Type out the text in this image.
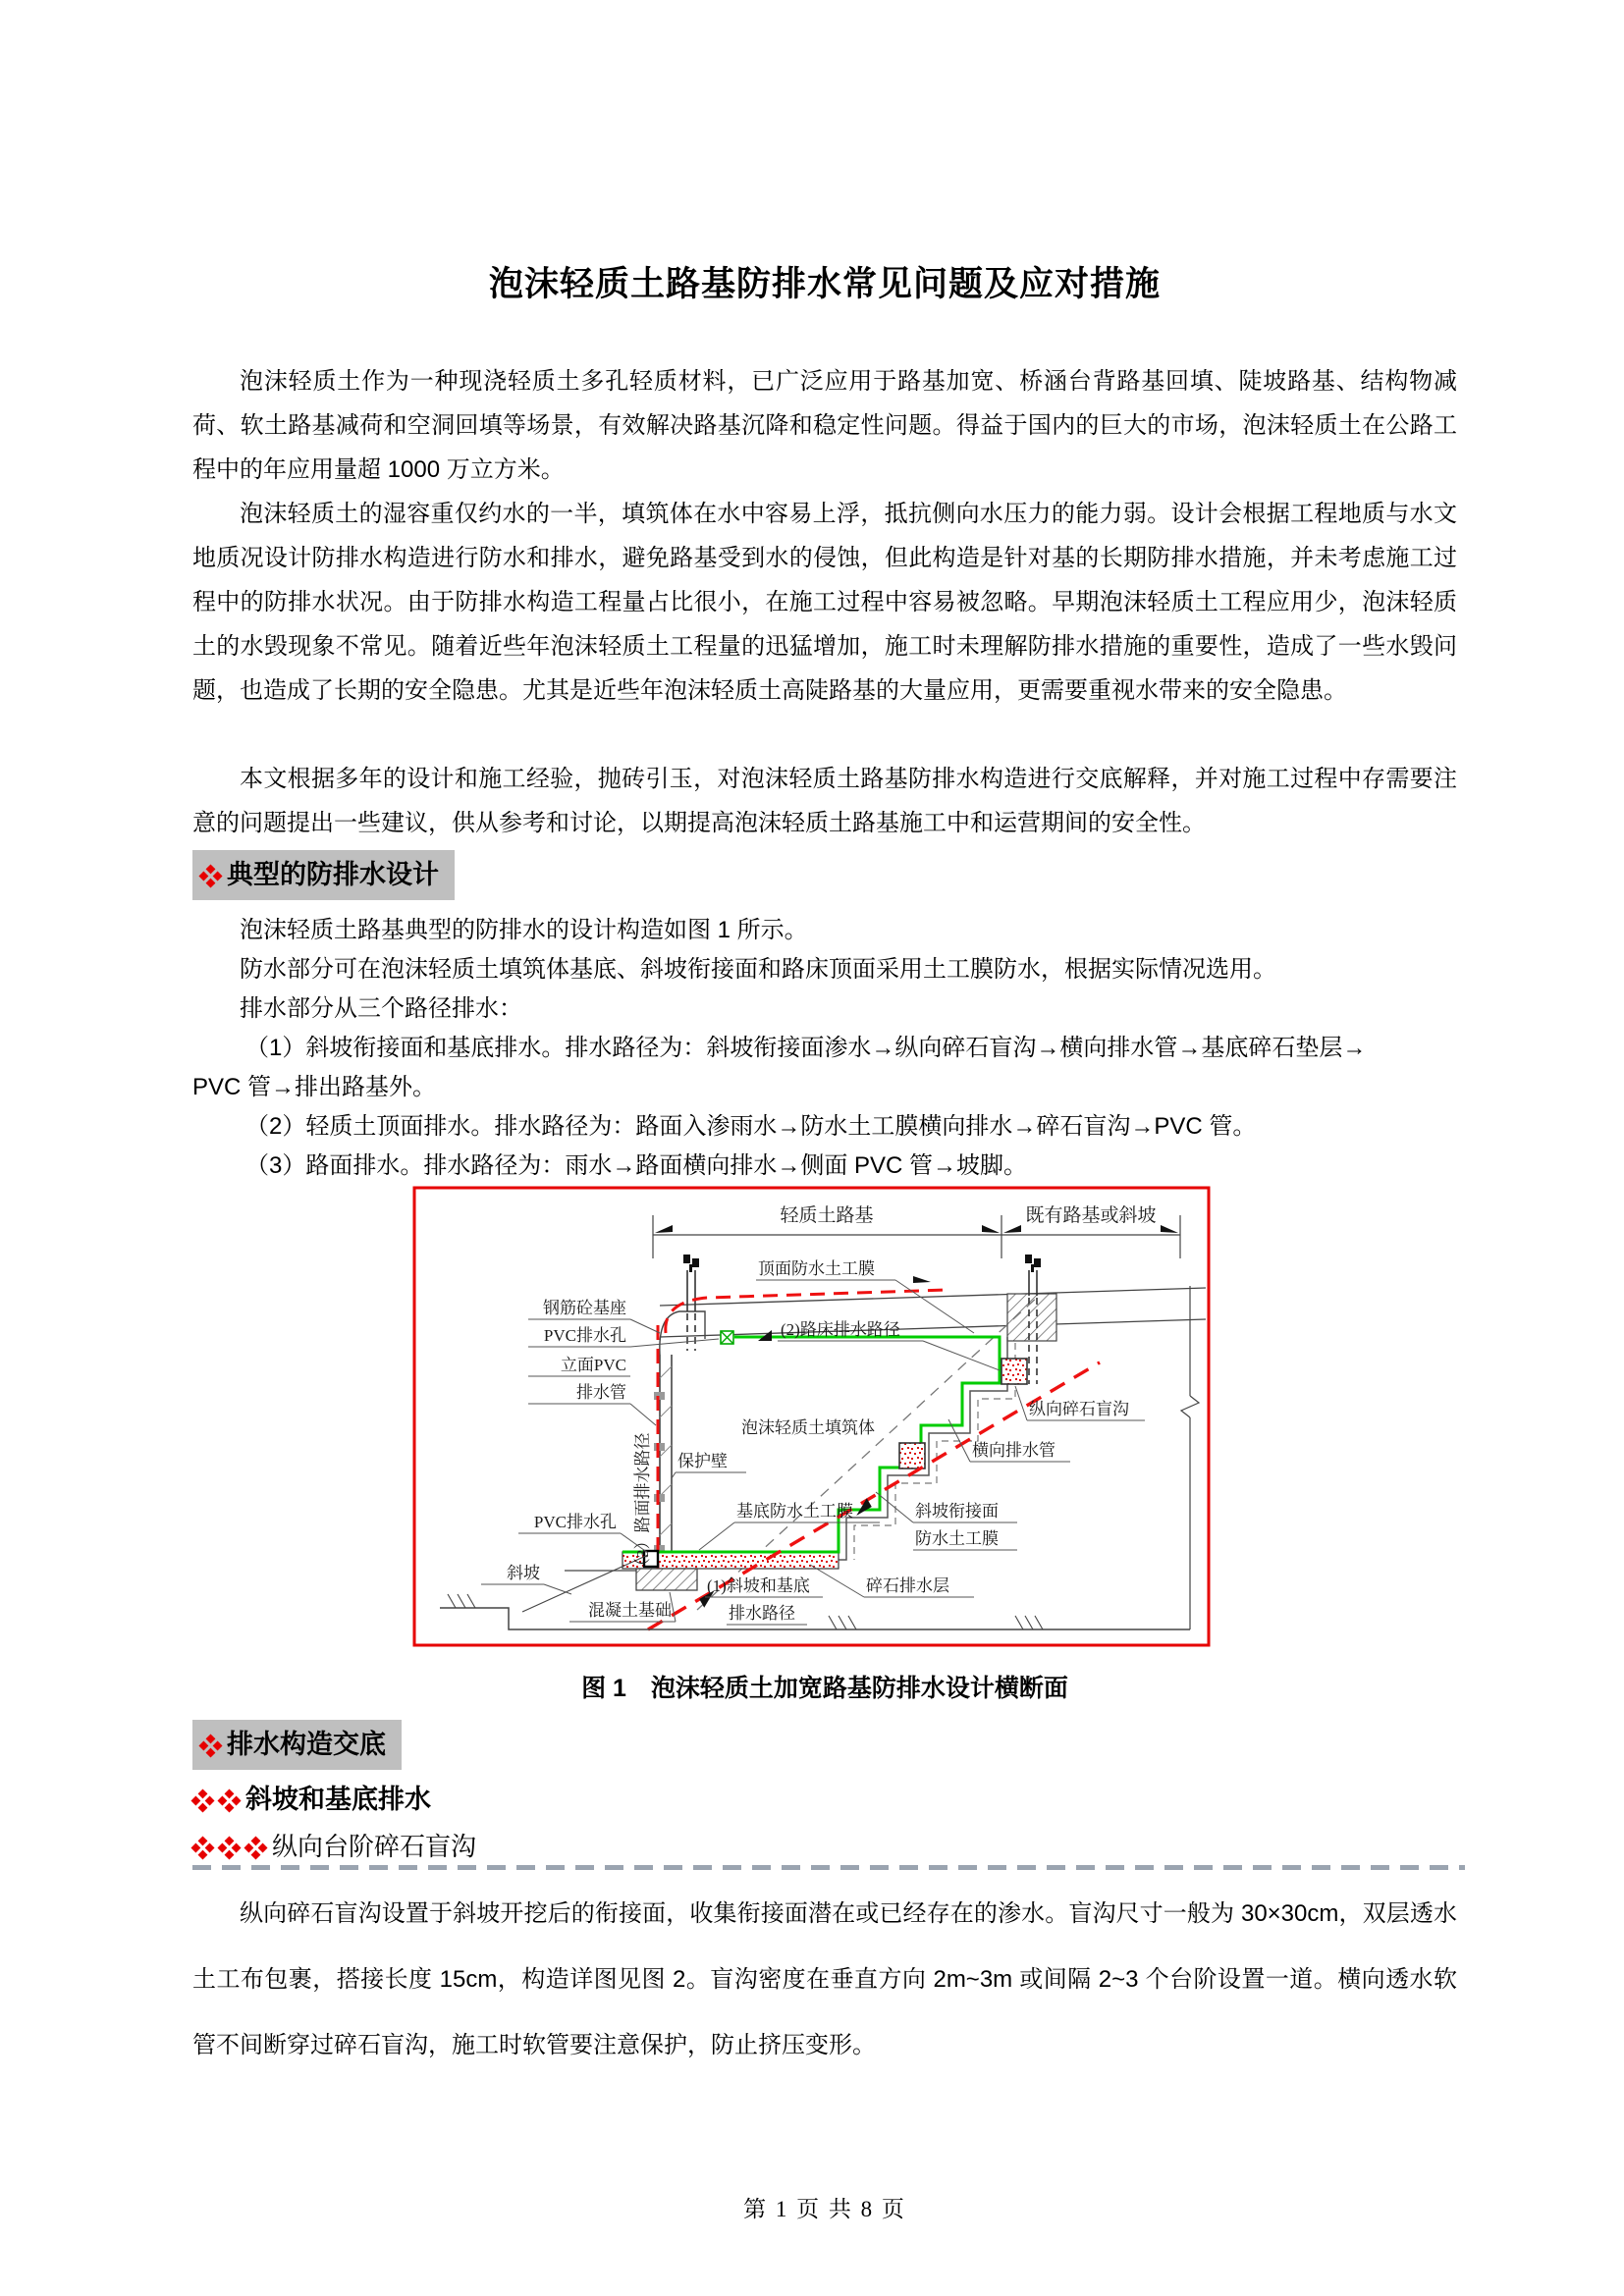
泡沫轻质土路基防排水常见问题及应对措施
泡沫轻质土作为一种现浇轻质土多孔轻质材料，已广泛应用于路基加宽、桥涵台背路基回填、陡坡路基、结构物减荷、软土路基减荷和空洞回填等场景，有效解决路基沉降和稳定性问题。得益于国内的巨大的市场，泡沫轻质土在公路工程中的年应用量超 1000 万立方米。
泡沫轻质土的湿容重仅约水的一半，填筑体在水中容易上浮，抵抗侧向水压力的能力弱。设计会根据工程地质与水文地质况设计防排水构造进行防水和排水，避免路基受到水的侵蚀，但此构造是针对基的长期防排水措施，并未考虑施工过程中的防排水状况。由于防排水构造工程量占比很小，在施工过程中容易被忽略。早期泡沫轻质土工程应用少，泡沫轻质土的水毁现象不常见。随着近些年泡沫轻质土工程量的迅猛增加，施工时未理解防排水措施的重要性，造成了一些水毁问题，也造成了长期的安全隐患。尤其是近些年泡沫轻质土高陡路基的大量应用，更需要重视水带来的安全隐患。
本文根据多年的设计和施工经验，抛砖引玉，对泡沫轻质土路基防排水构造进行交底解释，并对施工过程中存需要注意的问题提出一些建议，供从参考和讨论，以期提高泡沫轻质土路基施工中和运营期间的安全性。
典型的防排水设计
泡沫轻质土路基典型的防排水的设计构造如图 1 所示。
防水部分可在泡沫轻质土填筑体基底、斜坡衔接面和路床顶面采用土工膜防水，根据实际情况选用。
排水部分从三个路径排水：
（1）斜坡衔接面和基底排水。排水路径为：斜坡衔接面渗水→纵向碎石盲沟→横向排水管→基底碎石垫层→
PVC 管→排出路基外。
（2）轻质土顶面排水。排水路径为：路面入渗雨水→防水土工膜横向排水→碎石盲沟→PVC 管。
（3）路面排水。排水路径为：雨水→路面横向排水→侧面 PVC 管→坡脚。
轻质土路基	既有路基或斜坡
钢筋砼基座
PVC排水孔
立面PVC
排水管
（3）路面排水路径
PVC排水孔
斜坡
混凝土基础
顶面防水土工膜
(2)路床排水路径
泡沫轻质土填筑体
保护壁
基底防水土工膜
(1)斜坡和基底
排水路径
碎石排水层
纵向碎石盲沟
横向排水管
斜坡衔接面
防水土工膜
图 1　泡沫轻质土加宽路基防排水设计横断面
排水构造交底
斜坡和基底排水
纵向台阶碎石盲沟
纵向碎石盲沟设置于斜坡开挖后的衔接面，收集衔接面潜在或已经存在的渗水。盲沟尺寸一般为 30×30cm，双层透水土工布包裹，搭接长度 15cm，构造详图见图 2。盲沟密度在垂直方向 2m~3m 或间隔 2~3 个台阶设置一道。横向透水软管不间断穿过碎石盲沟，施工时软管要注意保护，防止挤压变形。
第 1 页 共 8 页
